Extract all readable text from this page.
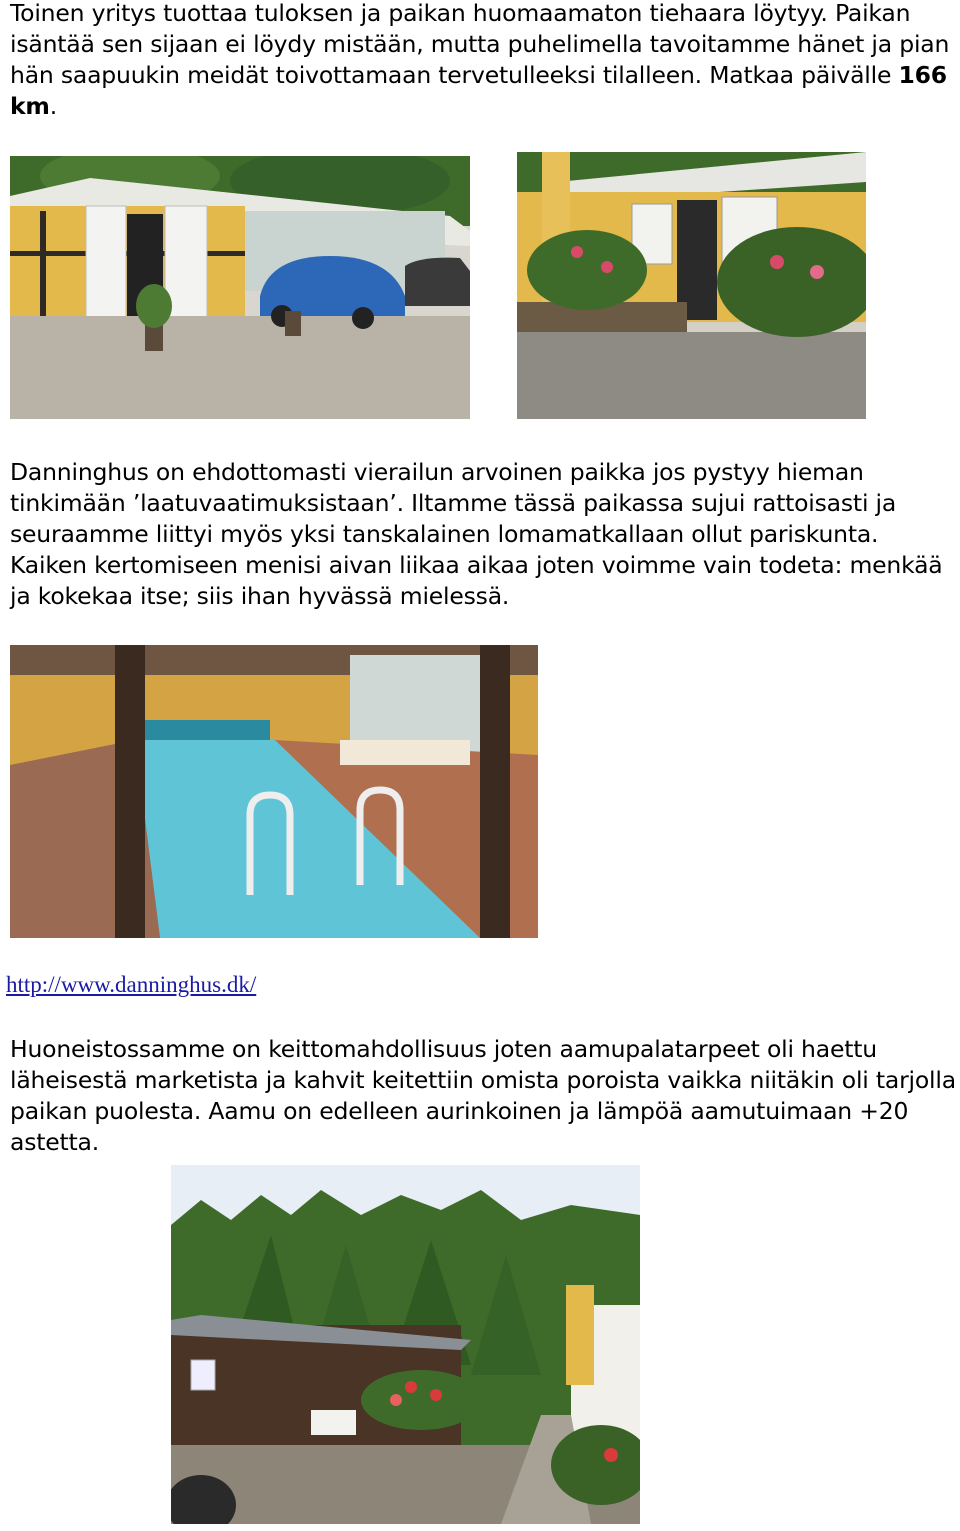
Toinen yritys tuottaa tuloksen ja paikan huomaamaton tiehaara löytyy. Paikan isäntää sen sijaan ei löydy mistään, mutta puhelimella tavoitamme hänet ja pian hän saapuukin meidät toivottamaan tervetulleeksi tilalleen. Matkaa päivälle 166 km.

Danninghus on ehdottomasti vierailun arvoinen paikka jos pystyy hieman tinkimään ’laatuvaatimuksistaan’. Iltamme tässä paikassa sujui rattoisasti ja seuraamme liittyi myös yksi tanskalainen lomamatkallaan ollut pariskunta. Kaiken kertomiseen menisi aivan liikaa aikaa joten voimme vain todeta: menkää ja kokekaa itse; siis ihan hyvässä mielessä.

http://www.danninghus.dk/

Huoneistossamme on keittomahdollisuus joten aamupalatarpeet oli haettu läheisestä marketista ja kahvit keitettiin omista poroista vaikka niitäkin oli tarjolla paikan puolesta. Aamu on edelleen aurinkoinen ja lämpöä aamutuimaan +20 astetta.
